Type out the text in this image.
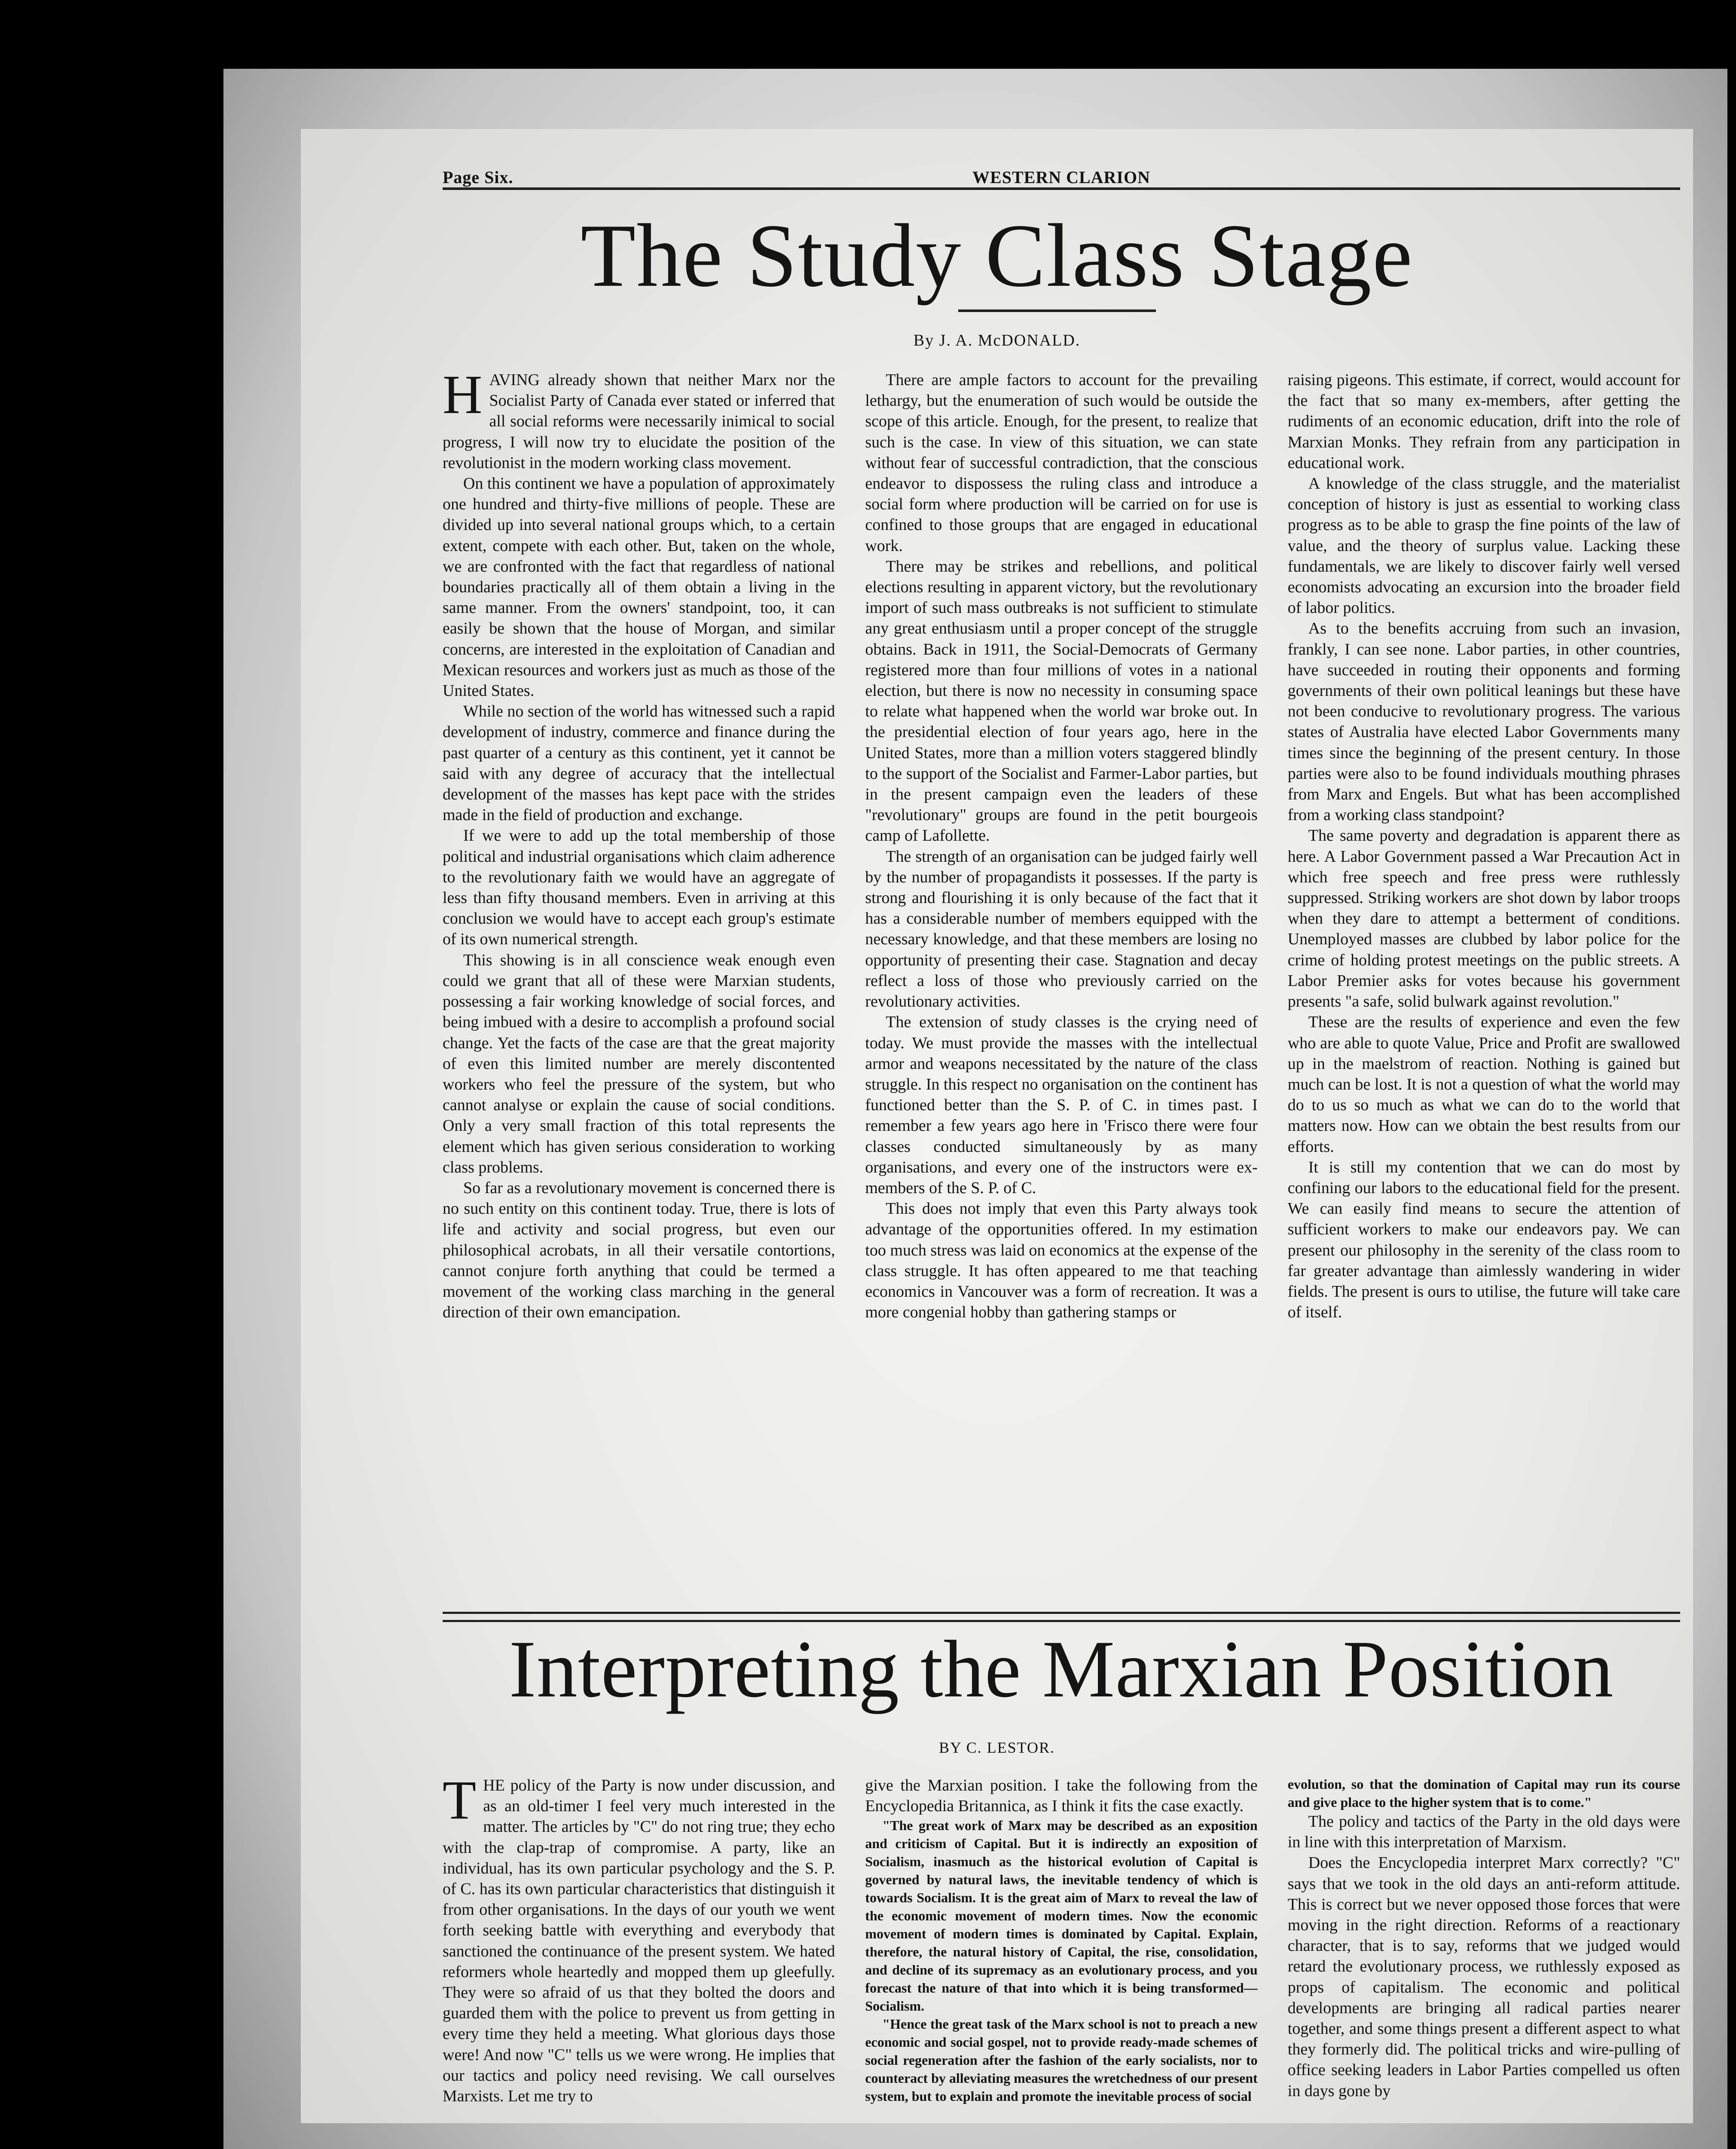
Page Six.	WESTERN CLARION
The Study Class Stage
By J. A. McDONALD.

HAVING already shown that neither Marx nor the Socialist Party of Canada ever stated or inferred that all social reforms were necessarily inimical to social progress, I will now try to elucidate the position of the revolutionist in the modern working class movement.

On this continent we have a population of approximately one hundred and thirty-five millions of people. These are divided up into several national groups which, to a certain extent, compete with each other. But, taken on the whole, we are confronted with the fact that regardless of national boundaries practically all of them obtain a living in the same manner. From the owners' standpoint, too, it can easily be shown that the house of Morgan, and similar concerns, are interested in the exploitation of Canadian and Mexican resources and workers just as much as those of the United States.

While no section of the world has witnessed such a rapid development of industry, commerce and finance during the past quarter of a century as this continent, yet it cannot be said with any degree of accuracy that the intellectual development of the masses has kept pace with the strides made in the field of production and exchange.

If we were to add up the total membership of those political and industrial organisations which claim adherence to the revolutionary faith we would have an aggregate of less than fifty thousand members. Even in arriving at this conclusion we would have to accept each group's estimate of its own numerical strength.

This showing is in all conscience weak enough even could we grant that all of these were Marxian students, possessing a fair working knowledge of social forces, and being imbued with a desire to accomplish a profound social change. Yet the facts of the case are that the great majority of even this limited number are merely discontented workers who feel the pressure of the system, but who cannot analyse or explain the cause of social conditions. Only a very small fraction of this total represents the element which has given serious consideration to working class problems.

So far as a revolutionary movement is concerned there is no such entity on this continent today. True, there is lots of life and activity and social progress, but even our philosophical acrobats, in all their versatile contortions, cannot conjure forth anything that could be termed a movement of the working class marching in the general direction of their own emancipation.

There are ample factors to account for the prevailing lethargy, but the enumeration of such would be outside the scope of this article. Enough, for the present, to realize that such is the case. In view of this situation, we can state without fear of successful contradiction, that the conscious endeavor to dispossess the ruling class and introduce a social form where production will be carried on for use is confined to those groups that are engaged in educational work.

There may be strikes and rebellions, and political elections resulting in apparent victory, but the revolutionary import of such mass outbreaks is not sufficient to stimulate any great enthusiasm until a proper concept of the struggle obtains. Back in 1911, the Social-Democrats of Germany registered more than four millions of votes in a national election, but there is now no necessity in consuming space to relate what happened when the world war broke out. In the presidential election of four years ago, here in the United States, more than a million voters staggered blindly to the support of the Socialist and Farmer-Labor parties, but in the present campaign even the leaders of these "revolutionary" groups are found in the petit bourgeois camp of Lafollette.

The strength of an organisation can be judged fairly well by the number of propagandists it possesses. If the party is strong and flourishing it is only because of the fact that it has a considerable number of members equipped with the necessary knowledge, and that these members are losing no opportunity of presenting their case. Stagnation and decay reflect a loss of those who previously carried on the revolutionary activities.

The extension of study classes is the crying need of today. We must provide the masses with the intellectual armor and weapons necessitated by the nature of the class struggle. In this respect no organisation on the continent has functioned better than the S. P. of C. in times past. I remember a few years ago here in 'Frisco there were four classes conducted simultaneously by as many organisations, and every one of the instructors were ex-members of the S. P. of C.

This does not imply that even this Party always took advantage of the opportunities offered. In my estimation too much stress was laid on economics at the expense of the class struggle. It has often appeared to me that teaching economics in Vancouver was a form of recreation. It was a more congenial hobby than gathering stamps or

raising pigeons. This estimate, if correct, would account for the fact that so many ex-members, after getting the rudiments of an economic education, drift into the role of Marxian Monks. They refrain from any participation in educational work.

A knowledge of the class struggle, and the materialist conception of history is just as essential to working class progress as to be able to grasp the fine points of the law of value, and the theory of surplus value. Lacking these fundamentals, we are likely to discover fairly well versed economists advocating an excursion into the broader field of labor politics.

As to the benefits accruing from such an invasion, frankly, I can see none. Labor parties, in other countries, have succeeded in routing their opponents and forming governments of their own political leanings but these have not been conducive to revolutionary progress. The various states of Australia have elected Labor Governments many times since the beginning of the present century. In those parties were also to be found individuals mouthing phrases from Marx and Engels. But what has been accomplished from a working class standpoint?

The same poverty and degradation is apparent there as here. A Labor Government passed a War Precaution Act in which free speech and free press were ruthlessly suppressed. Striking workers are shot down by labor troops when they dare to attempt a betterment of conditions. Unemployed masses are clubbed by labor police for the crime of holding protest meetings on the public streets. A Labor Premier asks for votes because his government presents "a safe, solid bulwark against revolution."

These are the results of experience and even the few who are able to quote Value, Price and Profit are swallowed up in the maelstrom of reaction. Nothing is gained but much can be lost. It is not a question of what the world may do to us so much as what we can do to the world that matters now. How can we obtain the best results from our efforts.

It is still my contention that we can do most by confining our labors to the educational field for the present. We can easily find means to secure the attention of sufficient workers to make our endeavors pay. We can present our philosophy in the serenity of the class room to far greater advantage than aimlessly wandering in wider fields. The present is ours to utilise, the future will take care of itself.

Interpreting the Marxian Position
BY C. LESTOR.

THE policy of the Party is now under discussion, and as an old-timer I feel very much interested in the matter. The articles by "C" do not ring true; they echo with the clap-trap of compromise. A party, like an individual, has its own particular psychology and the S. P. of C. has its own particular characteristics that distinguish it from other organisations. In the days of our youth we went forth seeking battle with everything and everybody that sanctioned the continuance of the present system. We hated reformers whole heartedly and mopped them up gleefully. They were so afraid of us that they bolted the doors and guarded them with the police to prevent us from getting in every time they held a meeting. What glorious days those were! And now "C" tells us we were wrong. He implies that our tactics and policy need revising. We call ourselves Marxists. Let me try to

give the Marxian position. I take the following from the Encyclopedia Britannica, as I think it fits the case exactly.

"The great work of Marx may be described as an exposition and criticism of Capital. But it is indirectly an exposition of Socialism, inasmuch as the historical evolution of Capital is governed by natural laws, the inevitable tendency of which is towards Socialism. It is the great aim of Marx to reveal the law of the economic movement of modern times. Now the economic movement of modern times is dominated by Capital. Explain, therefore, the natural history of Capital, the rise, consolidation, and decline of its supremacy as an evolutionary process, and you forecast the nature of that into which it is being transformed—Socialism.

"Hence the great task of the Marx school is not to preach a new economic and social gospel, not to provide ready-made schemes of social regeneration after the fashion of the early socialists, nor to counteract by alleviating measures the wretchedness of our present system, but to explain and promote the inevitable process of social

evolution, so that the domination of Capital may run its course and give place to the higher system that is to come."

The policy and tactics of the Party in the old days were in line with this interpretation of Marxism.

Does the Encyclopedia interpret Marx correctly? "C" says that we took in the old days an anti-reform attitude. This is correct but we never opposed those forces that were moving in the right direction. Reforms of a reactionary character, that is to say, reforms that we judged would retard the evolutionary process, we ruthlessly exposed as props of capitalism. The economic and political developments are bringing all radical parties nearer together, and some things present a different aspect to what they formerly did. The political tricks and wire-pulling of office seeking leaders in Labor Parties compelled us often in days gone by
